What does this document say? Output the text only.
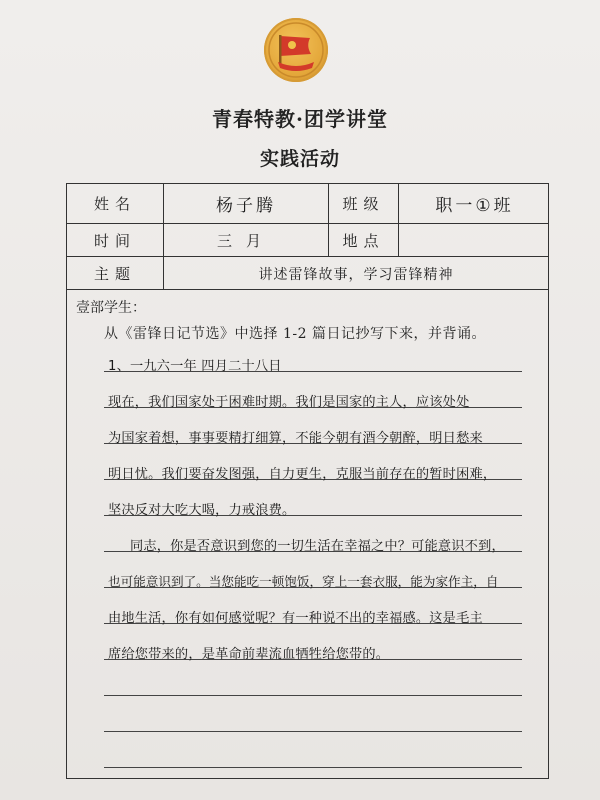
青春特教·团学讲堂
实践活动
姓名	杨子腾	班级	职一①班
时间	三月	地点
主题	讲述雷锋故事，学习雷锋精神
壹部学生：
从《雷锋日记节选》中选择 1-2 篇日记抄写下来，并背诵。
1、一九六一年 四月二十八日
现在，我们国家处于困难时期。我们是国家的主人，应该处处
为国家着想，事事要精打细算，不能今朝有酒今朝醉，明日愁来
明日忧。我们要奋发图强，自力更生，克服当前存在的暂时困难，
坚决反对大吃大喝，力戒浪费。
同志，你是否意识到您的一切生活在幸福之中？可能意识不到，
也可能意识到了。当您能吃一顿饱饭，穿上一套衣服，能为家作主，自
由地生活，你有如何感觉呢？有一种说不出的幸福感。这是毛主
席给您带来的，是革命前辈流血牺牲给您带的。
